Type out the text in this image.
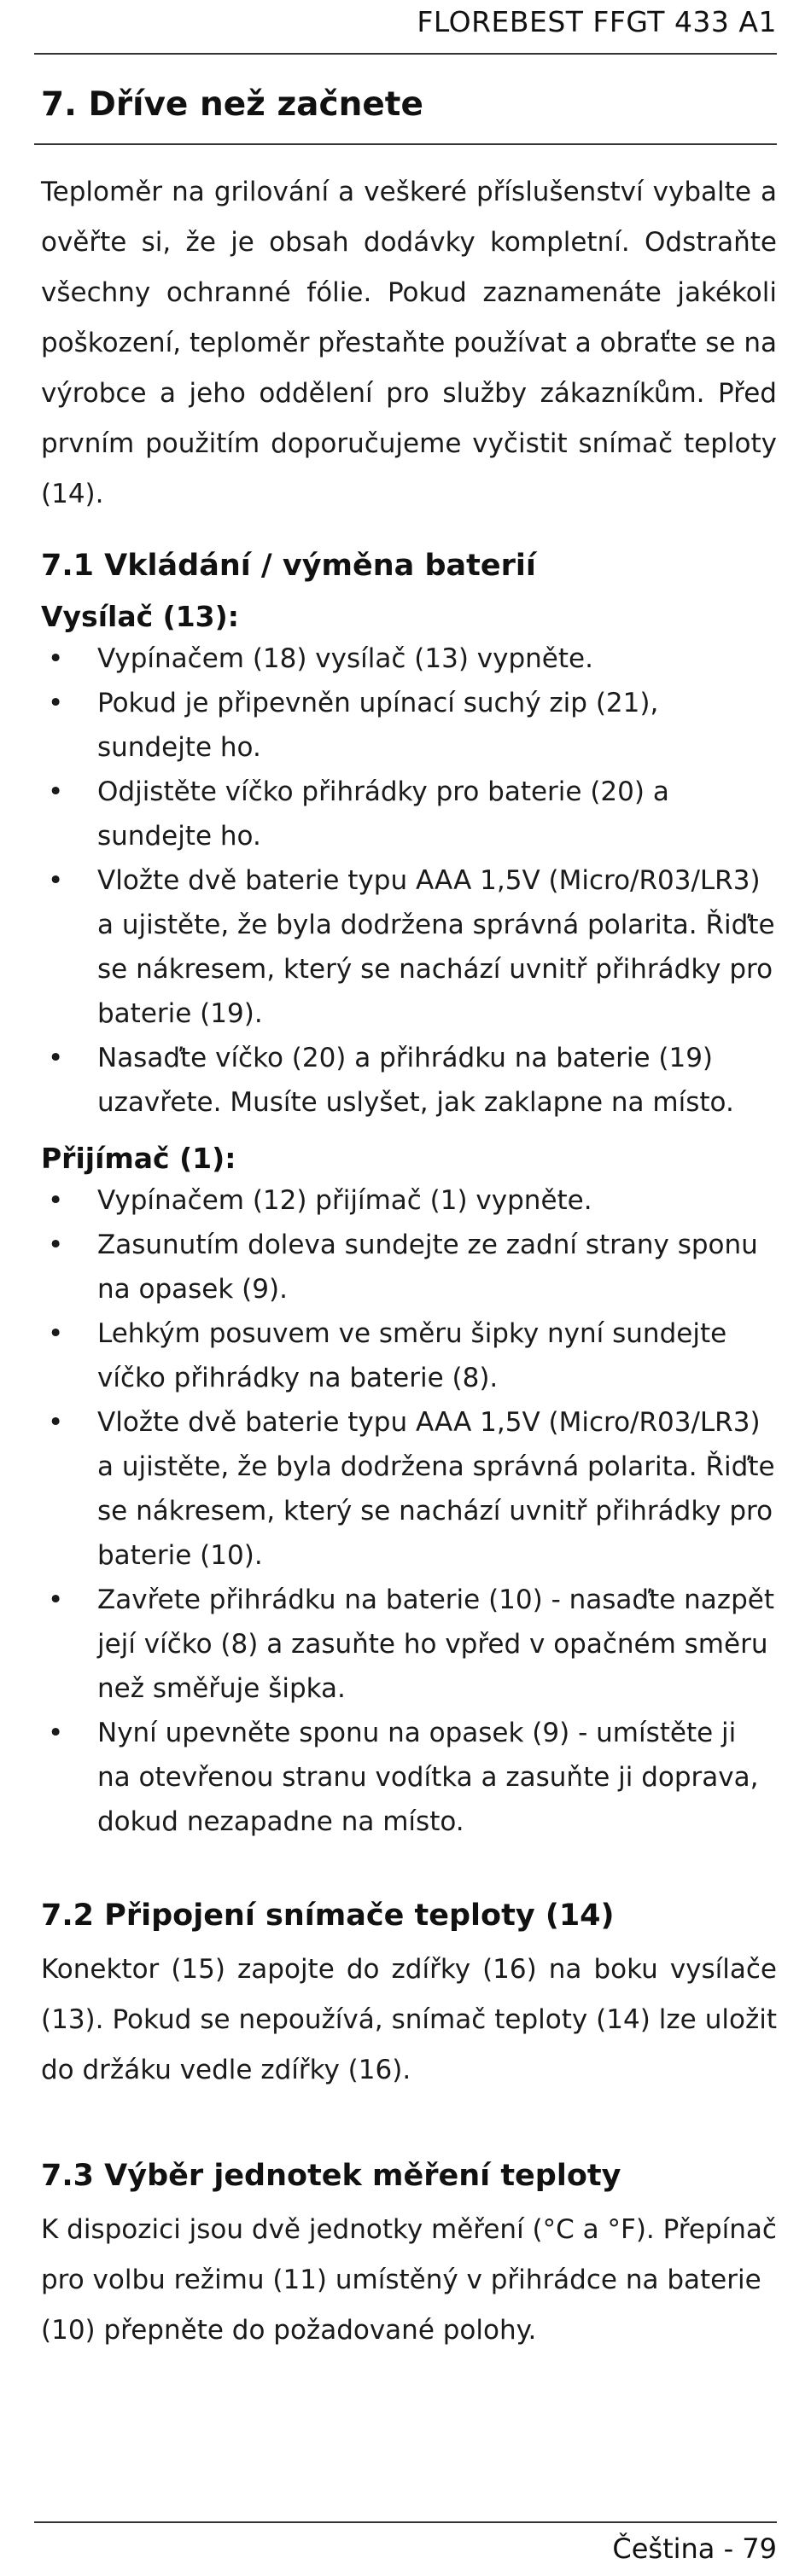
FLOREBEST FFGT 433 A1
7. Dříve než začnete

Teploměr na grilování a veškeré příslušenství vybalte a ověřte si, že je obsah dodávky kompletní. Odstraňte všechny ochranné fólie. Pokud zaznamenáte jakékoli poškození, teploměr přestaňte používat a obraťte se na výrobce a jeho oddělení pro služby zákazníkům. Před prvním použitím doporučujeme vyčistit snímač teploty (14).

7.1 Vkládání / výměna baterií
Vysílač (13):
• Vypínačem (18) vysílač (13) vypněte.
• Pokud je připevněn upínací suchý zip (21), sundejte ho.
• Odjistěte víčko přihrádky pro baterie (20) a sundejte ho.
• Vložte dvě baterie typu AAA 1,5V (Micro/R03/LR3) a ujistěte, že byla dodržena správná polarita. Řiďte se nákresem, který se nachází uvnitř přihrádky pro baterie (19).
• Nasaďte víčko (20) a přihrádku na baterie (19) uzavřete. Musíte uslyšet, jak zaklapne na místo.
Přijímač (1):
• Vypínačem (12) přijímač (1) vypněte.
• Zasunutím doleva sundejte ze zadní strany sponu na opasek (9).
• Lehkým posuvem ve směru šipky nyní sundejte víčko přihrádky na baterie (8).
• Vložte dvě baterie typu AAA 1,5V (Micro/R03/LR3) a ujistěte, že byla dodržena správná polarita. Řiďte se nákresem, který se nachází uvnitř přihrádky pro baterie (10).
• Zavřete přihrádku na baterie (10) - nasaďte nazpět její víčko (8) a zasuňte ho vpřed v opačném směru než směřuje šipka.
• Nyní upevněte sponu na opasek (9) - umístěte ji na otevřenou stranu vodítka a zasuňte ji doprava, dokud nezapadne na místo.
7.2 Připojení snímače teploty (14)

Konektor (15) zapojte do zdířky (16) na boku vysílače (13). Pokud se nepoužívá, snímač teploty (14) lze uložit do držáku vedle zdířky (16).

7.3 Výběr jednotek měření teploty

K dispozici jsou dvě jednotky měření (°C a °F). Přepínač pro volbu režimu (11) umístěný v přihrádce na baterie (10) přepněte do požadované polohy.

Čeština - 79
